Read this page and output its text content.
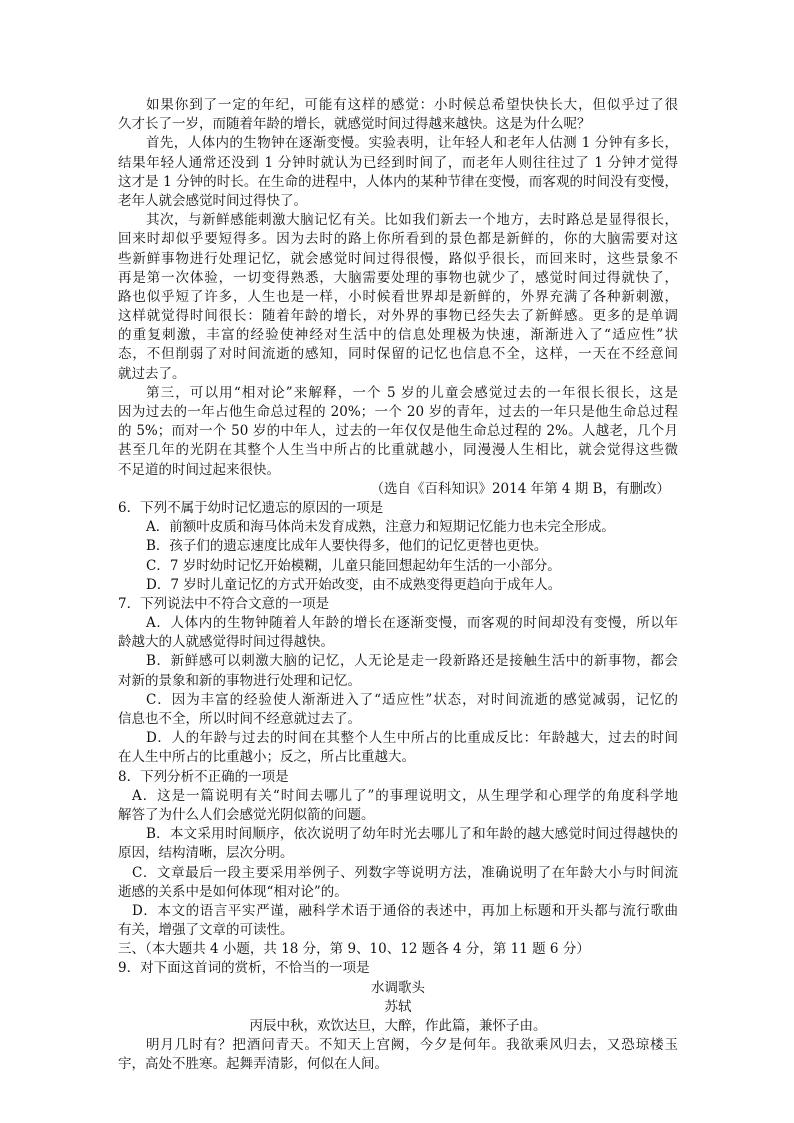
如果你到了一定的年纪，可能有这样的感觉：小时候总希望快快长大，但似乎过了很
久才长了一岁，而随着年龄的增长，就感觉时间过得越来越快。这是为什么呢？
首先，人体内的生物钟在逐渐变慢。实验表明，让年轻人和老年人估测 1 分钟有多长，
结果年轻人通常还没到 1 分钟时就认为已经到时间了，而老年人则往往过了 1 分钟才觉得
这才是 1 分钟的时长。在生命的进程中，人体内的某种节律在变慢，而客观的时间没有变慢，
老年人就会感觉时间过得快了。
其次，与新鲜感能刺激大脑记忆有关。比如我们新去一个地方，去时路总是显得很长，
回来时却似乎要短得多。因为去时的路上你所看到的景色都是新鲜的，你的大脑需要对这
些新鲜事物进行处理记忆，就会感觉时间过得很慢，路似乎很长，而回来时，这些景象不
再是第一次体验，一切变得熟悉，大脑需要处理的事物也就少了，感觉时间过得就快了，
路也似乎短了许多，人生也是一样，小时候看世界却是新鲜的，外界充满了各种新刺激，
这样就觉得时间很长：随着年龄的增长，对外界的事物已经失去了新鲜感。更多的是单调
的重复刺激，丰富的经验使神经对生活中的信息处理极为快速，渐渐进入了“适应性”状
态，不但削弱了对时间流逝的感知，同时保留的记忆也信息不全，这样，一天在不经意间
就过去了。
第三，可以用“相对论”来解释，一个 5 岁的儿童会感觉过去的一年很长很长，这是
因为过去的一年占他生命总过程的 20%；一个 20 岁的青年，过去的一年只是他生命总过程
的 5%；而对一个 50 岁的中年人，过去的一年仅仅是他生命总过程的 2%。人越老，几个月
甚至几年的光阴在其整个人生当中所占的比重就越小，同漫漫人生相比，就会觉得这些微
不足道的时间过起来很快。
（选自《百科知识》2014 年第 4 期 B，有删改）
6．下列不属于幼时记忆遗忘的原因的一项是
A．前额叶皮质和海马体尚未发育成熟，注意力和短期记忆能力也未完全形成。
B．孩子们的遗忘速度比成年人要快得多，他们的记忆更替也更快。
C．7 岁时幼时记忆开始模糊，儿童只能回想起幼年生活的一小部分。
D．7 岁时儿童记忆的方式开始改变，由不成熟变得更趋向于成年人。
7．下列说法中不符合文意的一项是
A．人体内的生物钟随着人年龄的增长在逐渐变慢，而客观的时间却没有变慢，所以年
龄越大的人就感觉得时间过得越快。
B．新鲜感可以刺激大脑的记忆，人无论是走一段新路还是接触生活中的新事物，都会
对新的景象和新的事物进行处理和记忆。
C．因为丰富的经验使人渐渐进入了“适应性”状态，对时间流逝的感觉减弱，记忆的
信息也不全，所以时间不经意就过去了。
D．人的年龄与过去的时间在其整个人生中所占的比重成反比：年龄越大，过去的时间
在人生中所占的比重越小；反之，所占比重越大。
8．下列分析不正确的一项是
A．这是一篇说明有关“时间去哪儿了”的事理说明文，从生理学和心理学的角度科学地
解答了为什么人们会感觉光阴似箭的问题。
B．本文采用时间顺序，依次说明了幼年时光去哪儿了和年龄的越大感觉时间过得越快的
原因，结构清晰，层次分明。
C．文章最后一段主要采用举例子、列数字等说明方法，准确说明了在年龄大小与时间流
逝感的关系中是如何体现“相对论”的。
D．本文的语言平实严谨，融科学术语于通俗的表述中，再加上标题和开头都与流行歌曲
有关，增强了文章的可读性。
三、（本大题共 4 小题，共 18 分，第 9、10、12 题各 4 分，第 11 题 6 分）
9．对下面这首词的赏析，不恰当的一项是
水调歌头
苏轼
丙辰中秋，欢饮达旦，大醉，作此篇，兼怀子由。
明月几时有？把酒问青天。不知天上宫阙，今夕是何年。我欲乘风归去，又恐琼楼玉
宇，高处不胜寒。起舞弄清影，何似在人间。
